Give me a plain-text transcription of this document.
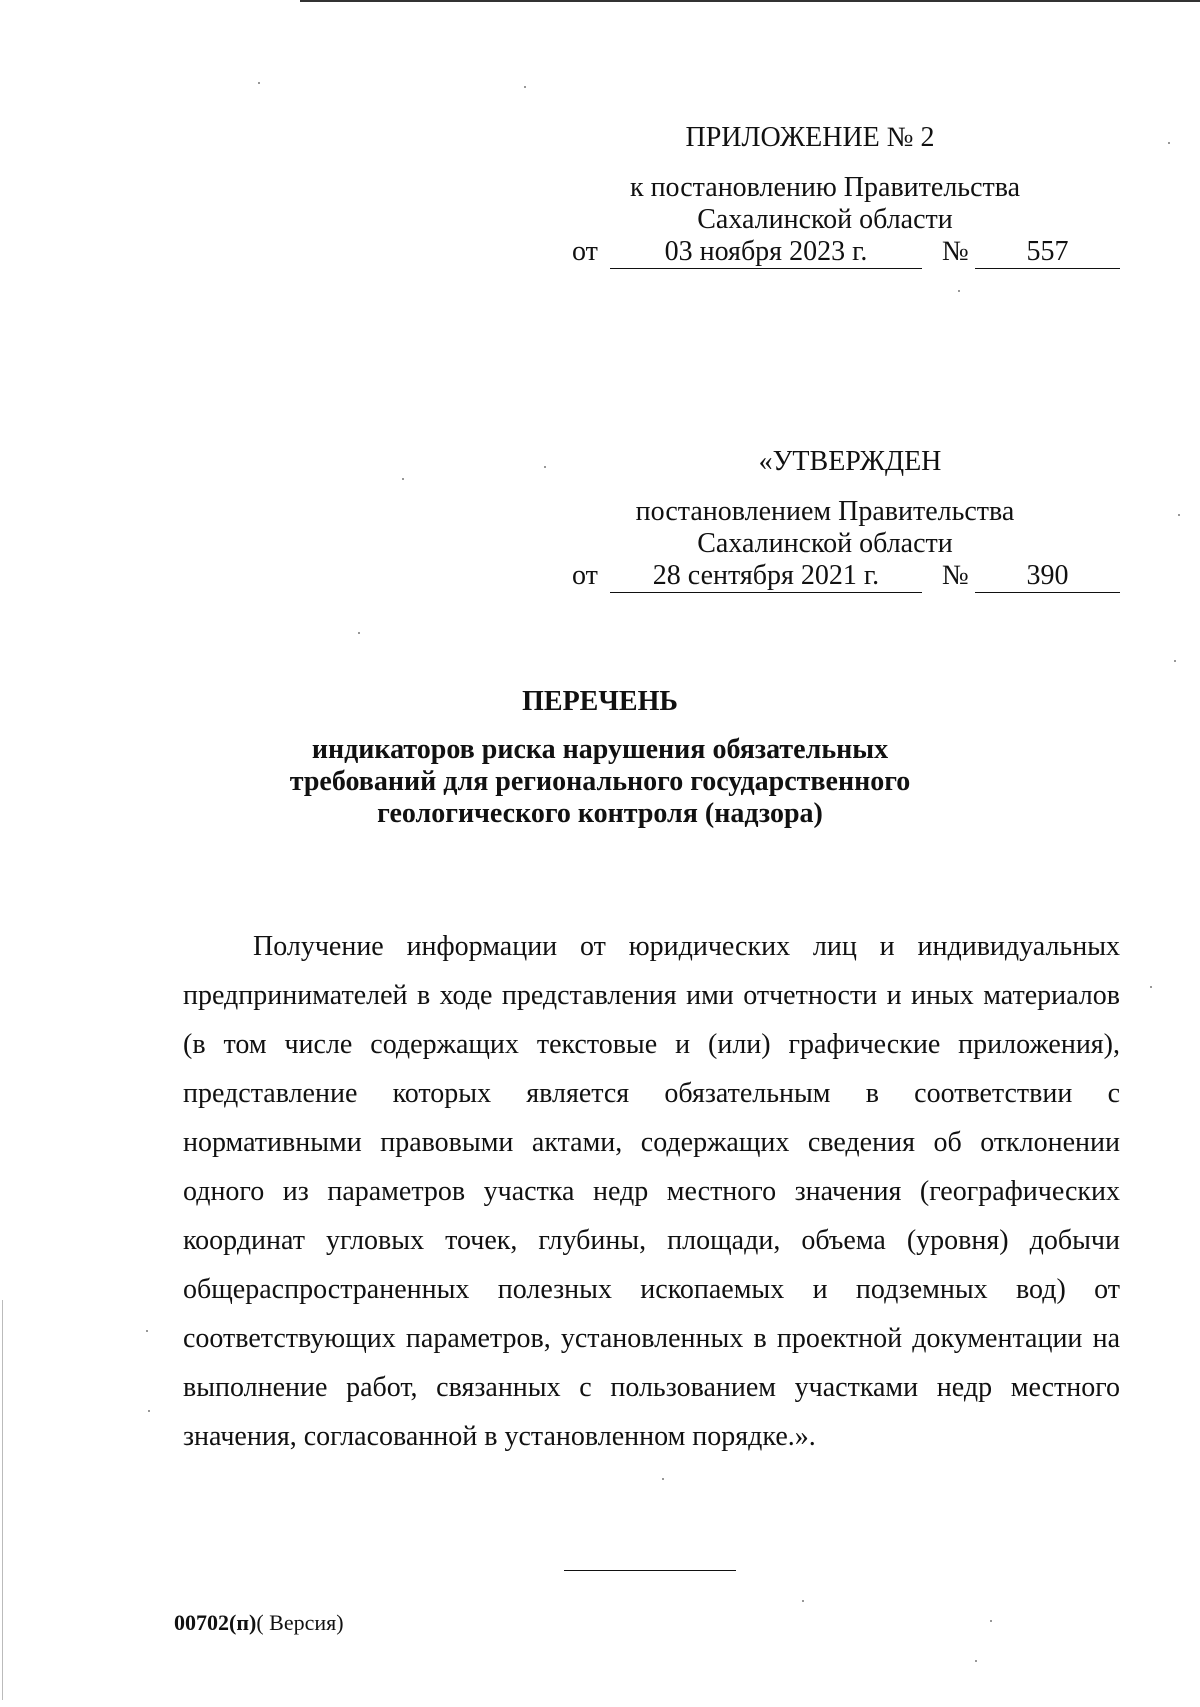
ПРИЛОЖЕНИЕ № 2
к постановлению Правительства
Сахалинской области
от	03 ноября 2023 г.	№	557
«УТВЕРЖДЕН
постановлением Правительства
Сахалинской области
от	28 сентября 2021 г.	№	390
ПЕРЕЧЕНЬ
индикаторов риска нарушения обязательных
требований для регионального государственного
геологического контроля (надзора)
Получение информации от юридических лиц и индивидуальных предпринимателей в ходе представления ими отчетности и иных материалов (в том числе содержащих текстовые и (или) графические приложения), представление которых является обязательным в соответствии с нормативными правовыми актами, содержащих сведения об отклонении одного из параметров участка недр местного значения (географических координат угловых точек, глубины, площади, объема (уровня) добычи общераспространенных полезных ископаемых и подземных вод) от соответствующих параметров, установленных в проектной документации на выполнение работ, связанных с пользованием участками недр местного значения, согласованной в установленном порядке.».
00702(п)( Версия)
